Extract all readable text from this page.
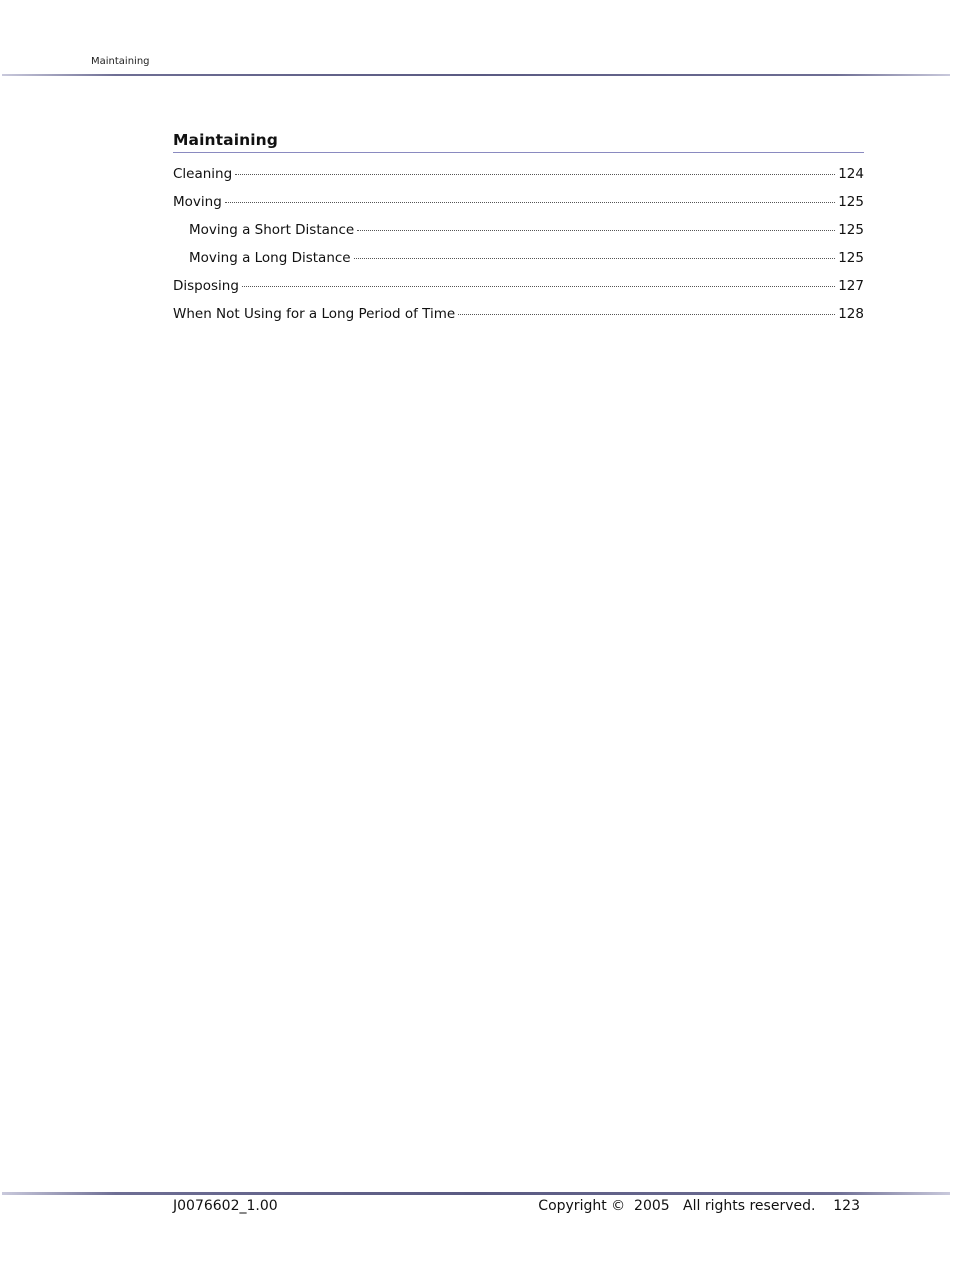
Maintaining
Maintaining
Cleaning	124
Moving	125
Moving a Short Distance	125
Moving a Long Distance	125
Disposing	127
When Not Using for a Long Period of Time	128
J0076602_1.00	Copyright ©  2005   All rights reserved. 123
